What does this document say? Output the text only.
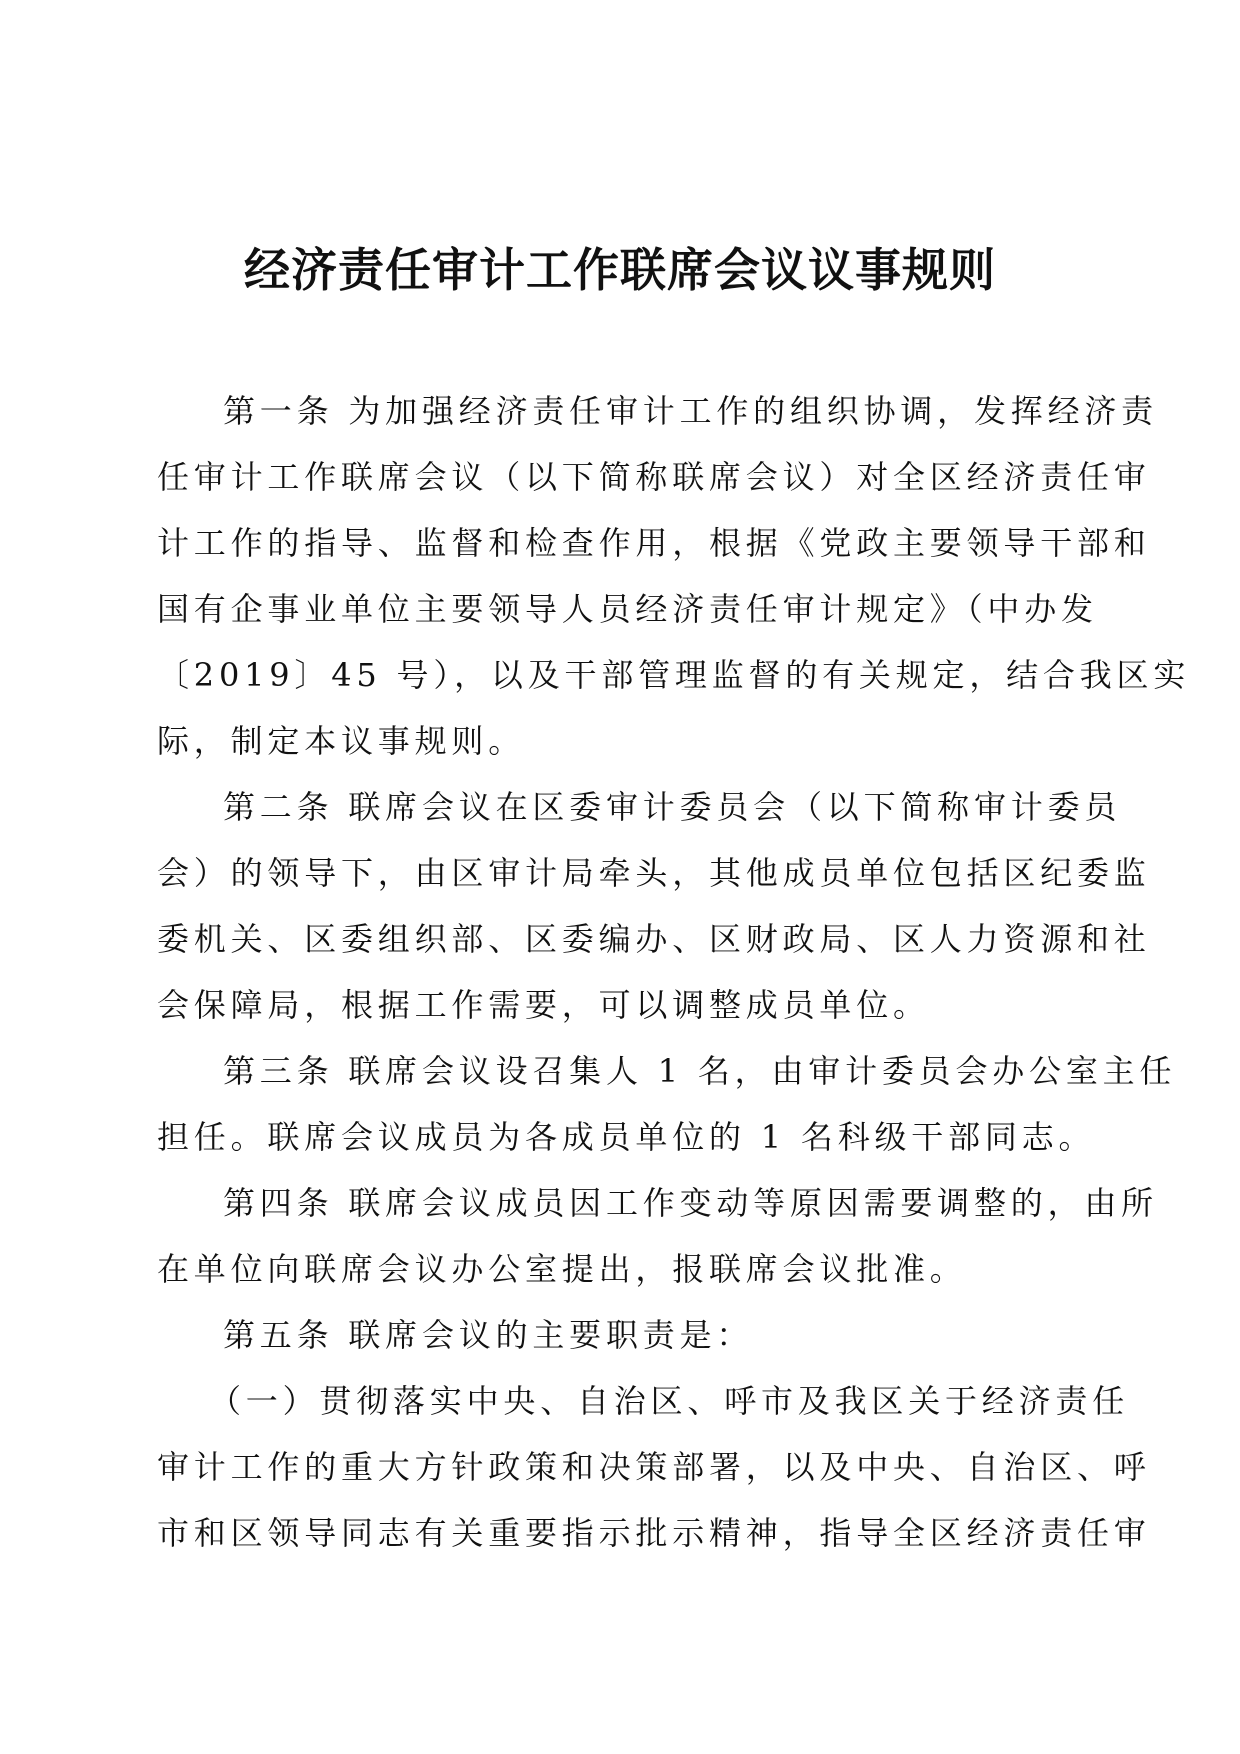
经济责任审计工作联席会议议事规则
第一条 为加强经济责任审计工作的组织协调，发挥经济责
任审计工作联席会议（以下简称联席会议）对全区经济责任审
计工作的指导、监督和检查作用，根据《党政主要领导干部和
国有企事业单位主要领导人员经济责任审计规定》（中办发
〔2019〕45 号），以及干部管理监督的有关规定，结合我区实
际，制定本议事规则。
第二条 联席会议在区委审计委员会（以下简称审计委员
会）的领导下，由区审计局牵头，其他成员单位包括区纪委监
委机关、区委组织部、区委编办、区财政局、区人力资源和社
会保障局，根据工作需要，可以调整成员单位。
第三条 联席会议设召集人 1 名，由审计委员会办公室主任
担任。联席会议成员为各成员单位的 1 名科级干部同志。
第四条 联席会议成员因工作变动等原因需要调整的，由所
在单位向联席会议办公室提出，报联席会议批准。
第五条 联席会议的主要职责是：
（一）贯彻落实中央、自治区、呼市及我区关于经济责任
审计工作的重大方针政策和决策部署，以及中央、自治区、呼
市和区领导同志有关重要指示批示精神，指导全区经济责任审
